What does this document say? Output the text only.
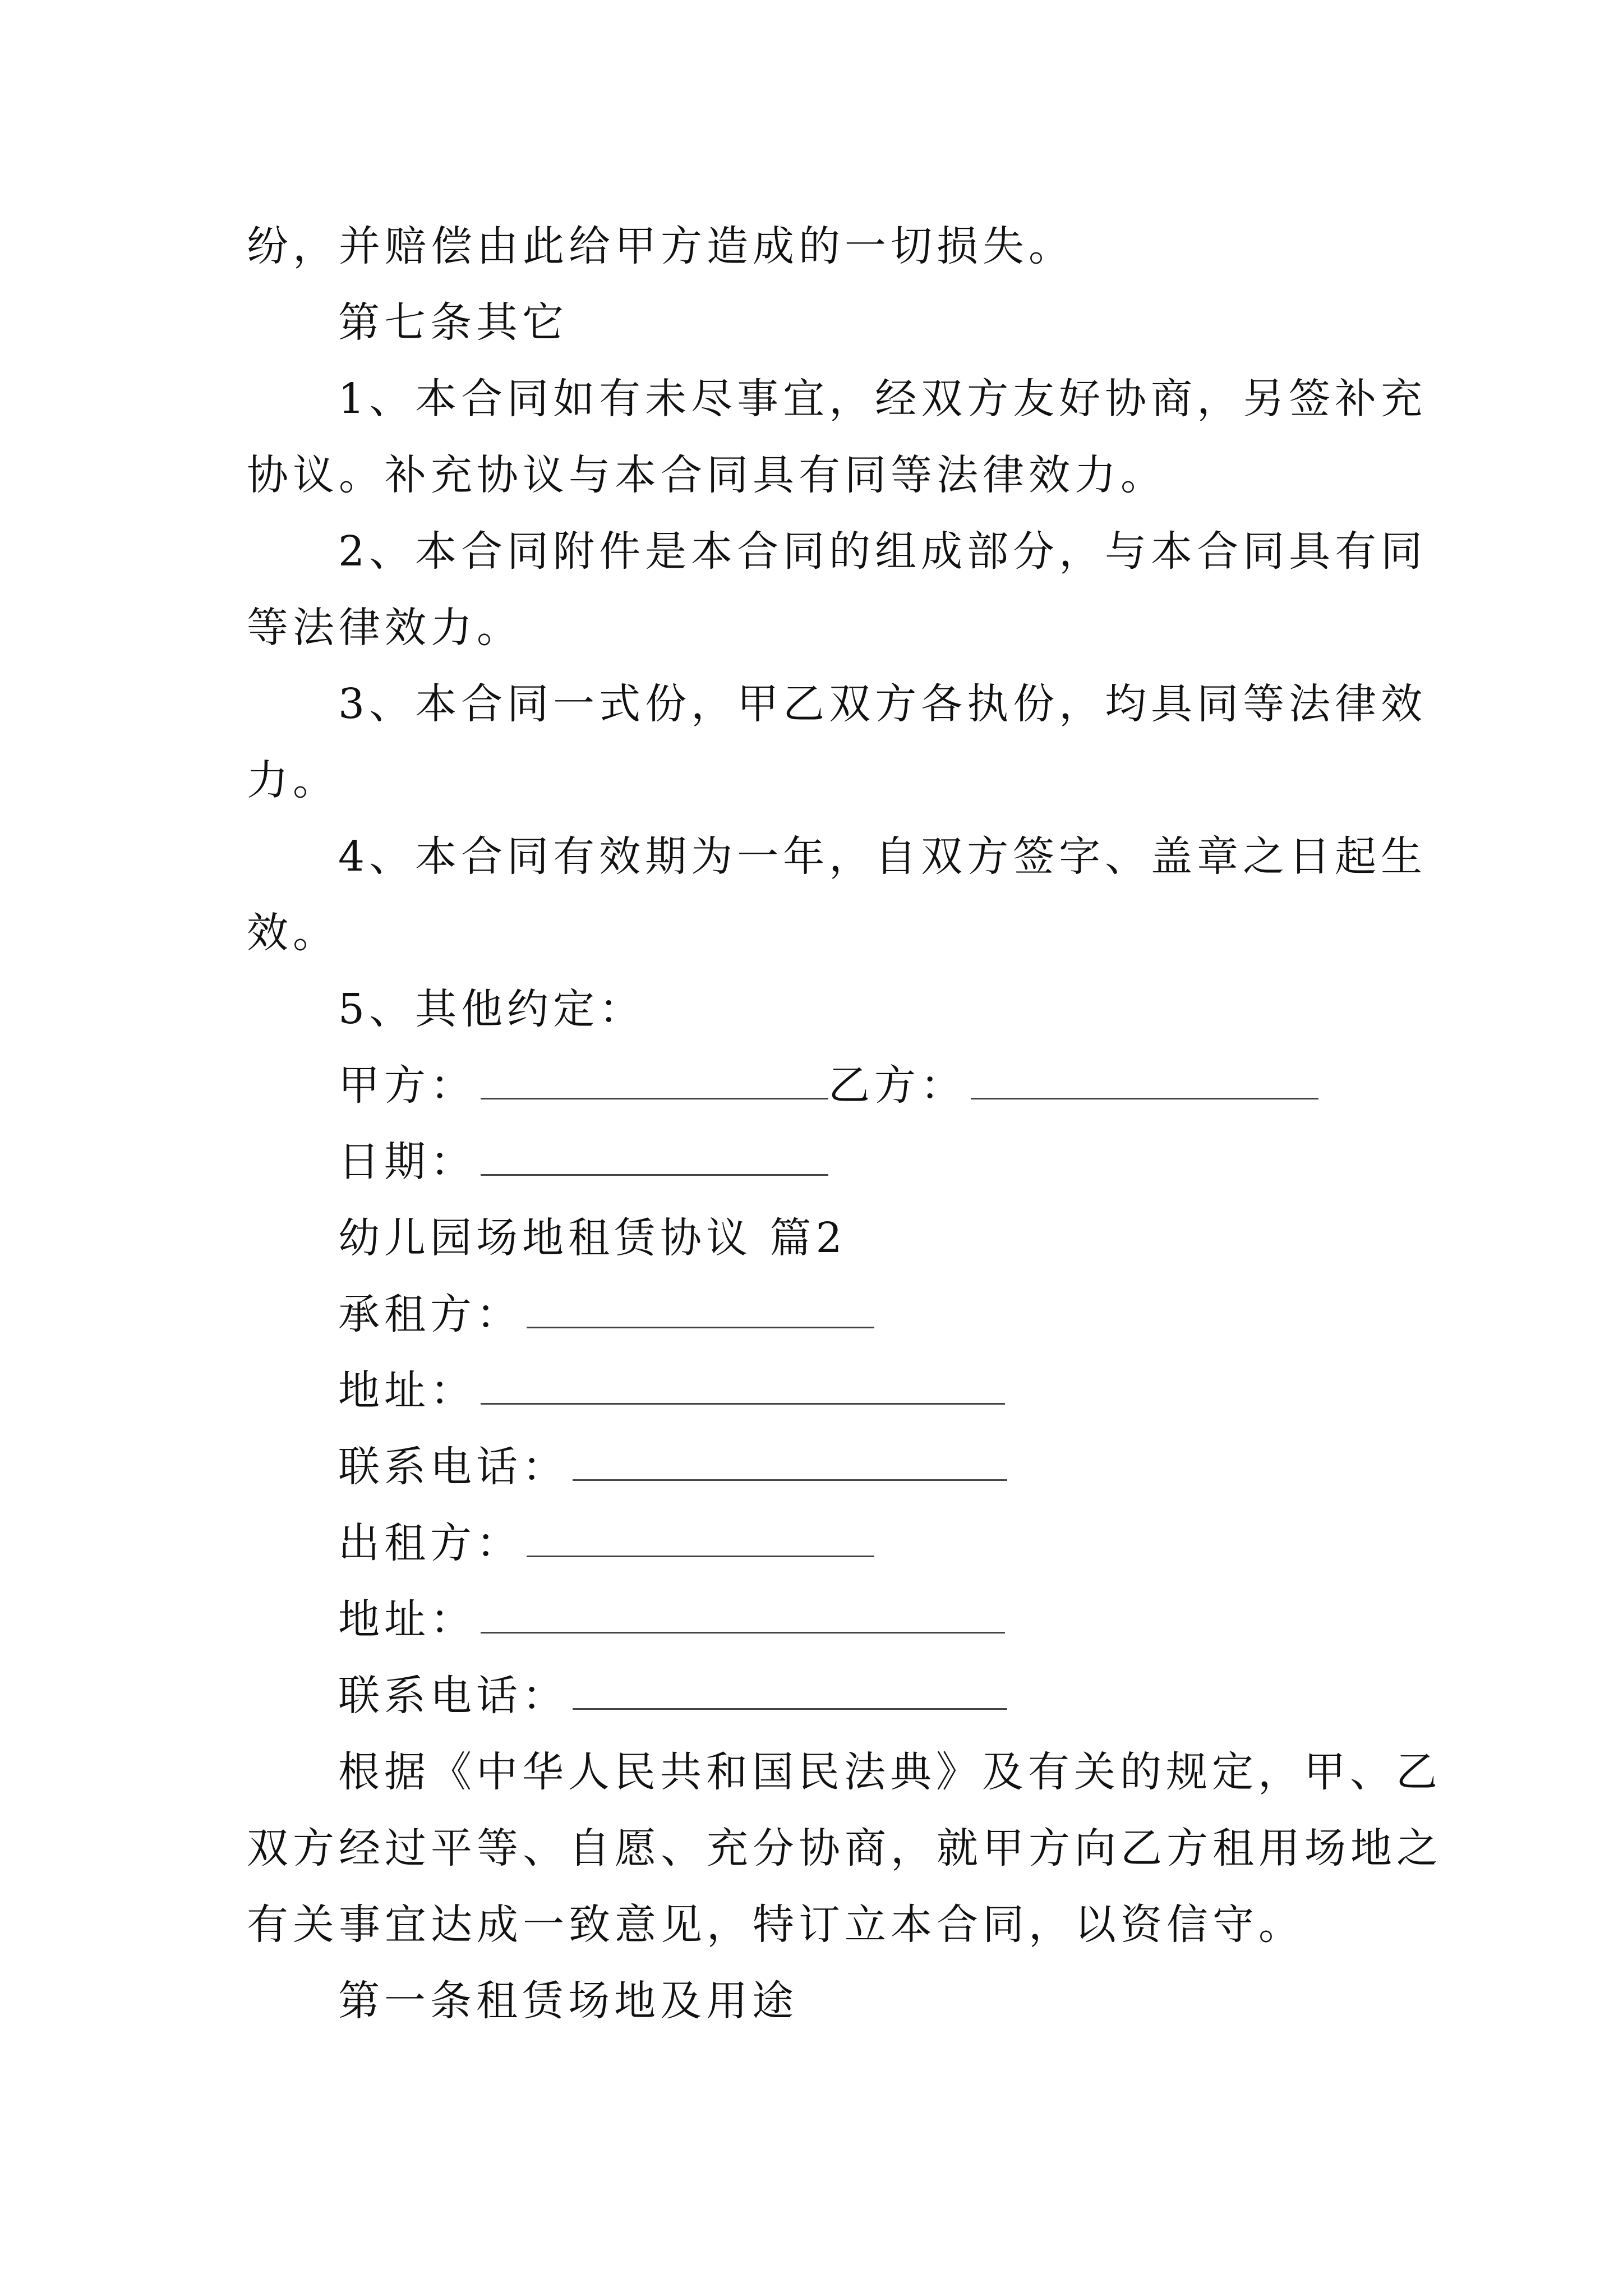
纷，并赔偿由此给甲方造成的一切损失。
第七条其它
1、本合同如有未尽事宜，经双方友好协商，另签补充
协议。补充协议与本合同具有同等法律效力。
2、本合同附件是本合同的组成部分，与本合同具有同
等法律效力。
3、本合同一式份，甲乙双方各执份，均具同等法律效
力。
4、本合同有效期为一年，自双方签字、盖章之日起生
效。
5、其他约定：
甲方：	乙方：
日期：
幼儿园场地租赁协议 篇2
承租方：
地址：
联系电话：
出租方：
地址：
联系电话：
根据《中华人民共和国民法典》及有关的规定，甲、乙
双方经过平等、自愿、充分协商，就甲方向乙方租用场地之
有关事宜达成一致意见，特订立本合同，以资信守。
第一条租赁场地及用途
